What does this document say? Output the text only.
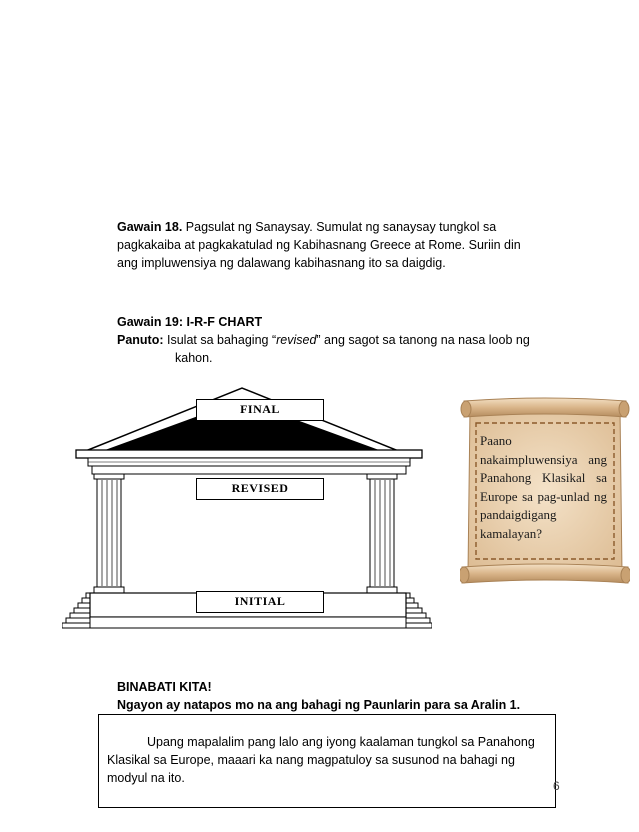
Gawain 18. Pagsulat ng Sanaysay. Sumulat ng sanaysay tungkol sa pagkakaiba at pagkakatulad ng Kabihasnang Greece at Rome. Suriin din ang impluwensiya ng dalawang kabihasnang ito sa daigdig.
Gawain 19: I-R-F CHART
Panuto: Isulat sa bahaging “revised” ang sagot sa tanong na nasa loob ng
kahon.
FINAL
REVISED
INITIAL
Paano nakaimpluwensiya ang Panahong Klasikal sa Europe sa pag-unlad ng pandaigdigang kamalayan?
BINABATI KITA!
Ngayon ay natapos mo na ang bahagi ng Paunlarin para sa Aralin 1.

Upang mapalalim pang lalo ang iyong kaalaman tungkol sa Panahong Klasikal sa Europe, maaari ka nang magpatuloy sa susunod na bahagi ng modyul na ito.

6
